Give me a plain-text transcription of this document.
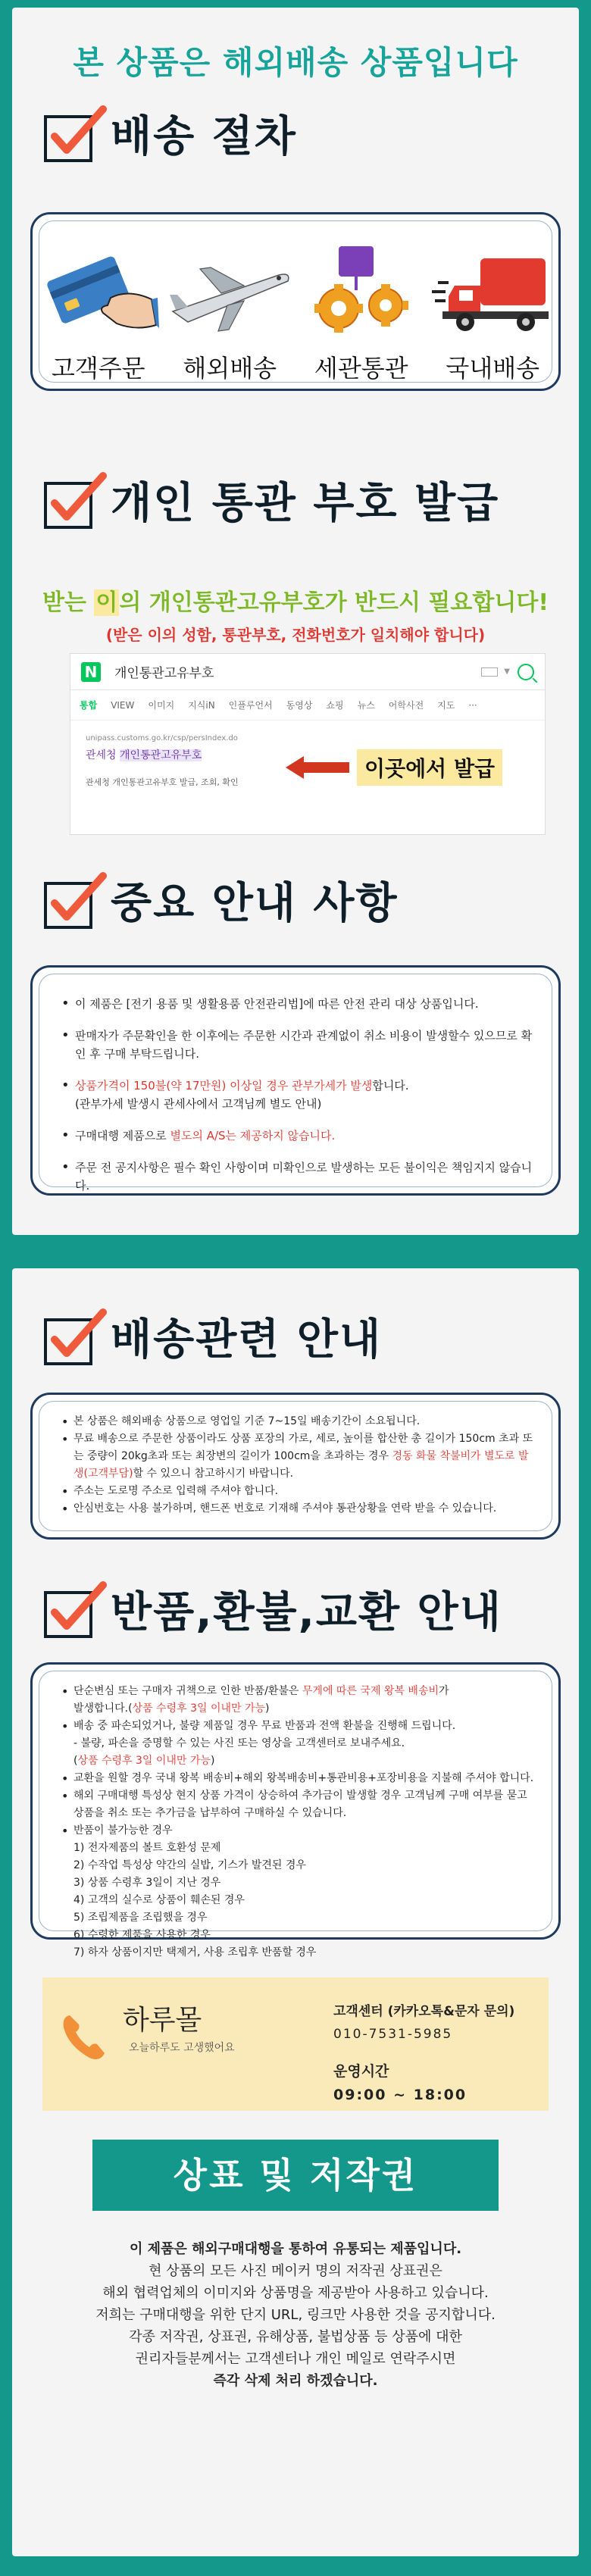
본 상품은 해외배송 상품입니다
배송 절차
고객주문	해외배송	세관통관	국내배송
개인 통관 부호 발급
받는 이의 개인통관고유부호가 반드시 필요합니다!
(받은 이의 성함, 통관부호, 전화번호가 일치해야 합니다)
N 개인통관고유부호	▼
통합 VIEW 이미지 지식iN 인플루언서 동영상 쇼핑 뉴스 어학사전 지도 ···
unipass.customs.go.kr/csp/persIndex.do
관세청 개인통관고유부호
관세청 개인통관고유부호 발급, 조회, 확인
이곳에서 발급
중요 안내 사항
• 이 제품은 [전기 용품 및 생활용품 안전관리법]에 따른 안전 관리 대상 상품입니다.
• 판매자가 주문확인을 한 이후에는 주문한 시간과 관계없이 취소 비용이 발생할수 있으므로 확인 후 구매 부탁드립니다.
• 상품가격이 150불(약 17만원) 이상일 경우 관부가세가 발생합니다.
(관부가세 발생시 관세사에서 고객님께 별도 안내)
• 구매대행 제품으로 별도의 A/S는 제공하지 않습니다.
• 주문 전 공지사항은 필수 확인 사항이며 미확인으로 발생하는 모든 불이익은 책임지지 않습니다.
배송관련 안내
• 본 상품은 해외배송 상품으로 영업일 기준 7~15일 배송기간이 소요됩니다.
• 무료 배송으로 주문한 상품이라도 상품 포장의 가로, 세로, 높이를 합산한 총 길이가 150cm 초과 또는 중량이 20kg초과 또는 최장변의 길이가 100cm을 초과하는 경우 경동 화물 착불비가 별도로 발생(고객부담)할 수 있으니 참고하시기 바랍니다.
• 주소는 도로명 주소로 입력해 주셔야 합니다.
• 안심번호는 사용 불가하며, 핸드폰 번호로 기재해 주셔야 통관상황을 연락 받을 수 있습니다.
반품,환불,교환 안내
• 단순변심 또는 구매자 귀책으로 인한 반품/환불은 무게에 따른 국제 왕복 배송비가
발생합니다.(상품 수령후 3일 이내만 가능)
• 배송 중 파손되었거나, 불량 제품일 경우 무료 반품과 전액 환불을 진행해 드립니다.
- 불량, 파손을 증명할 수 있는 사진 또는 영상을 고객센터로 보내주세요.
(상품 수령후 3일 이내만 가능)
• 교환을 원할 경우 국내 왕복 배송비+해외 왕복배송비+통관비용+포장비용을 지불해 주셔야 합니다.
• 해외 구매대행 특성상 현지 상품 가격이 상승하여 추가금이 발생할 경우 고객님께 구매 여부를 묻고 상품을 취소 또는 추가금을 납부하여 구매하실 수 있습니다.
• 반품이 불가능한 경우
1) 전자제품의 볼트 호환성 문제
2) 수작업 특성상 약간의 실밥, 기스가 발견된 경우
3) 상품 수령후 3일이 지난 경우
4) 고객의 실수로 상품이 훼손된 경우
5) 조립제품을 조립했을 경우
6) 수령한 제품을 사용한 경우
7) 하자 상품이지만 택제거, 사용 조립후 반품할 경우
하루몰
오늘하루도 고생했어요
고객센터 (카카오톡&문자 문의)
010-7531-5985
운영시간
09:00 ~ 18:00
상표 및 저작권
이 제품은 해외구매대행을 통하여 유통되는 제품입니다.
현 상품의 모든 사진 메이커 명의 저작권 상표권은
해외 협력업체의 이미지와 상품명을 제공받아 사용하고 있습니다.
저희는 구매대행을 위한 단지 URL, 링크만 사용한 것을 공지합니다.
각종 저작권, 상표권, 유해상품, 불법상품 등 상품에 대한
권리자들분께서는 고객센터나 개인 메일로 연락주시면
즉각 삭제 처리 하겠습니다.
